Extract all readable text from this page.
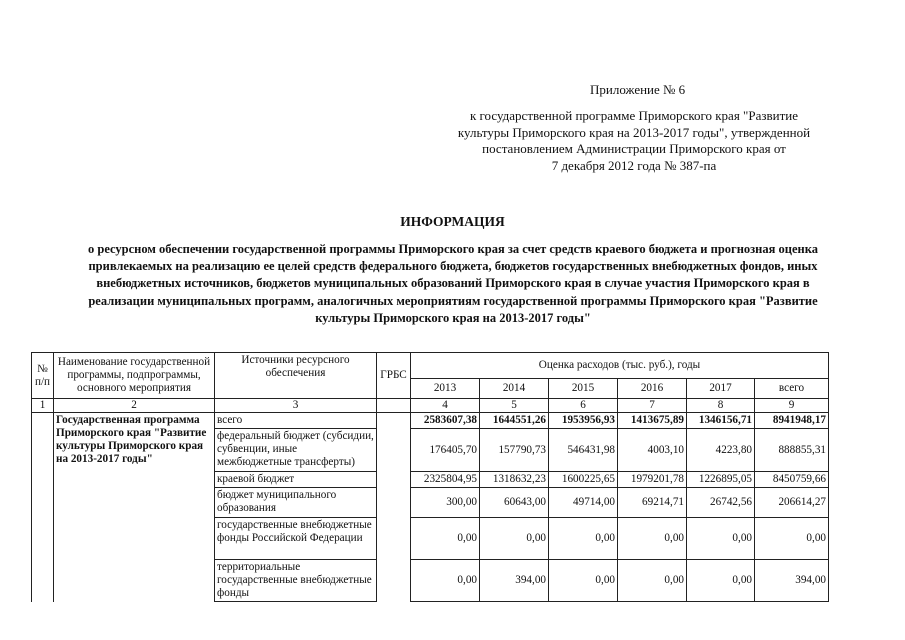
Приложение № 6
к государственной программе Приморского края "Развитие
культуры Приморского края на 2013-2017 годы", утвержденной
постановлением Администрации Приморского края от
7 декабря 2012 года № 387-па
ИНФОРМАЦИЯ
о ресурсном обеспечении государственной программы Приморского края за счет средств краевого бюджета и прогнозная оценка
привлекаемых на реализацию ее целей средств федерального бюджета, бюджетов государственных внебюджетных фондов, иных
внебюджетных источников, бюджетов муниципальных образований Приморского края в случае участия Приморского края в
реализации муниципальных программ, аналогичных мероприятиям государственной программы Приморского края "Развитие
культуры Приморского края на 2013-2017 годы"
№ п/п	Наименование государственной программы, подпрограммы, основного мероприятия	Источники ресурсного обеспечения	ГРБС	Оценка расходов (тыс. руб.), годы					
				2013	2014	2015	2016	2017	всего
1	2	3		4	5	6	7	8	9
	Государственная программа Приморского края "Развитие культуры Приморского края на 2013-2017 годы"	всего		2583607,38	1644551,26	1953956,93	1413675,89	1346156,71	8941948,17
		федеральный бюджет (субсидии, субвенции, иные межбюджетные трансферты)		176405,70	157790,73	546431,98	4003,10	4223,80	888855,31
		краевой бюджет		2325804,95	1318632,23	1600225,65	1979201,78	1226895,05	8450759,66
		бюджет муниципального образования		300,00	60643,00	49714,00	69214,71	26742,56	206614,27
		государственные внебюджетные фонды Российской Федерации		0,00	0,00	0,00	0,00	0,00	0,00
		территориальные государственные внебюджетные фонды		0,00	394,00	0,00	0,00	0,00	394,00
